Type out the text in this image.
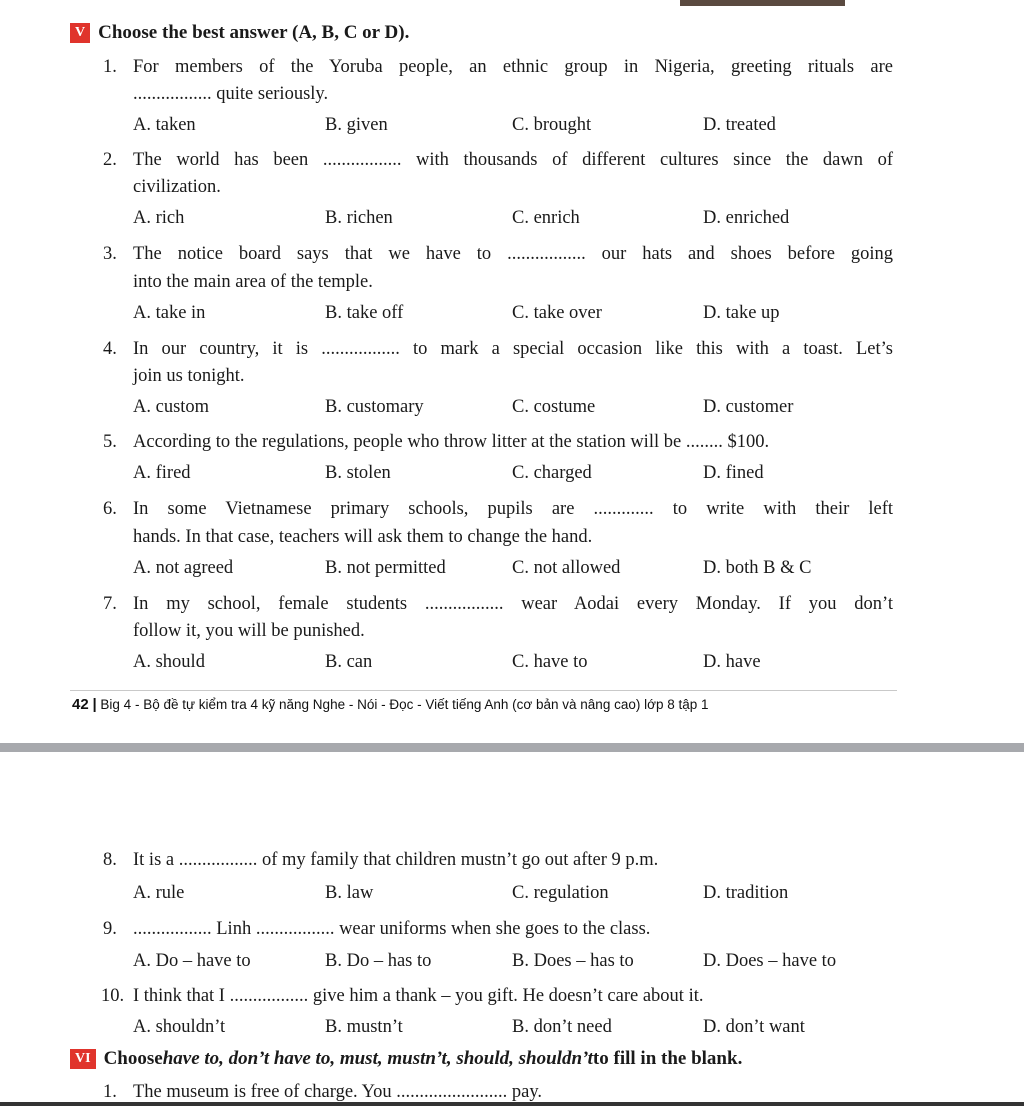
V Choose the best answer (A, B, C or D).
1. For members of the Yoruba people, an ethnic group in Nigeria, greeting rituals are
................. quite seriously.
A. taken	B. given	C. brought	D. treated
2. The world has been ................. with thousands of different cultures since the dawn of
civilization.
A. rich	B. richen	C. enrich	D. enriched
3. The notice board says that we have to ................. our hats and shoes before going
into the main area of the temple.
A. take in	B. take off	C. take over	D. take up
4. In our country, it is ................. to mark a special occasion like this with a toast. Let’s
join us tonight.
A. custom	B. customary	C. costume	D. customer
5. According to the regulations, people who throw litter at the station will be ........ $100.
A. fired	B. stolen	C. charged	D. fined
6. In some Vietnamese primary schools, pupils are ............. to write with their left
hands. In that case, teachers will ask them to change the hand.
A. not agreed	B. not permitted	C. not allowed	D. both B & C
7. In my school, female students ................. wear Aodai every Monday. If you don’t
follow it, you will be punished.
A. should	B. can	C. have to	D. have
42 | Big 4 - Bộ đề tự kiểm tra 4 kỹ năng Nghe - Nói - Đọc - Viết tiếng Anh (cơ bản và nâng cao) lớp 8 tập 1
8. It is a ................. of my family that children mustn’t go out after 9 p.m.
A. rule	B. law	C. regulation	D. tradition
9. ................. Linh ................. wear uniforms when she goes to the class.
A. Do – have to	B. Do – has to	B. Does – has to	D. Does – have to
10. I think that I ................. give him a thank – you gift. He doesn’t care about it.
A. shouldn’t	B. mustn’t	B. don’t need	D. don’t want
VI Choose have to, don’t have to, must, mustn’t, should, shouldn’t to fill in the blank.
1. The museum is free of charge. You ........................ pay.
